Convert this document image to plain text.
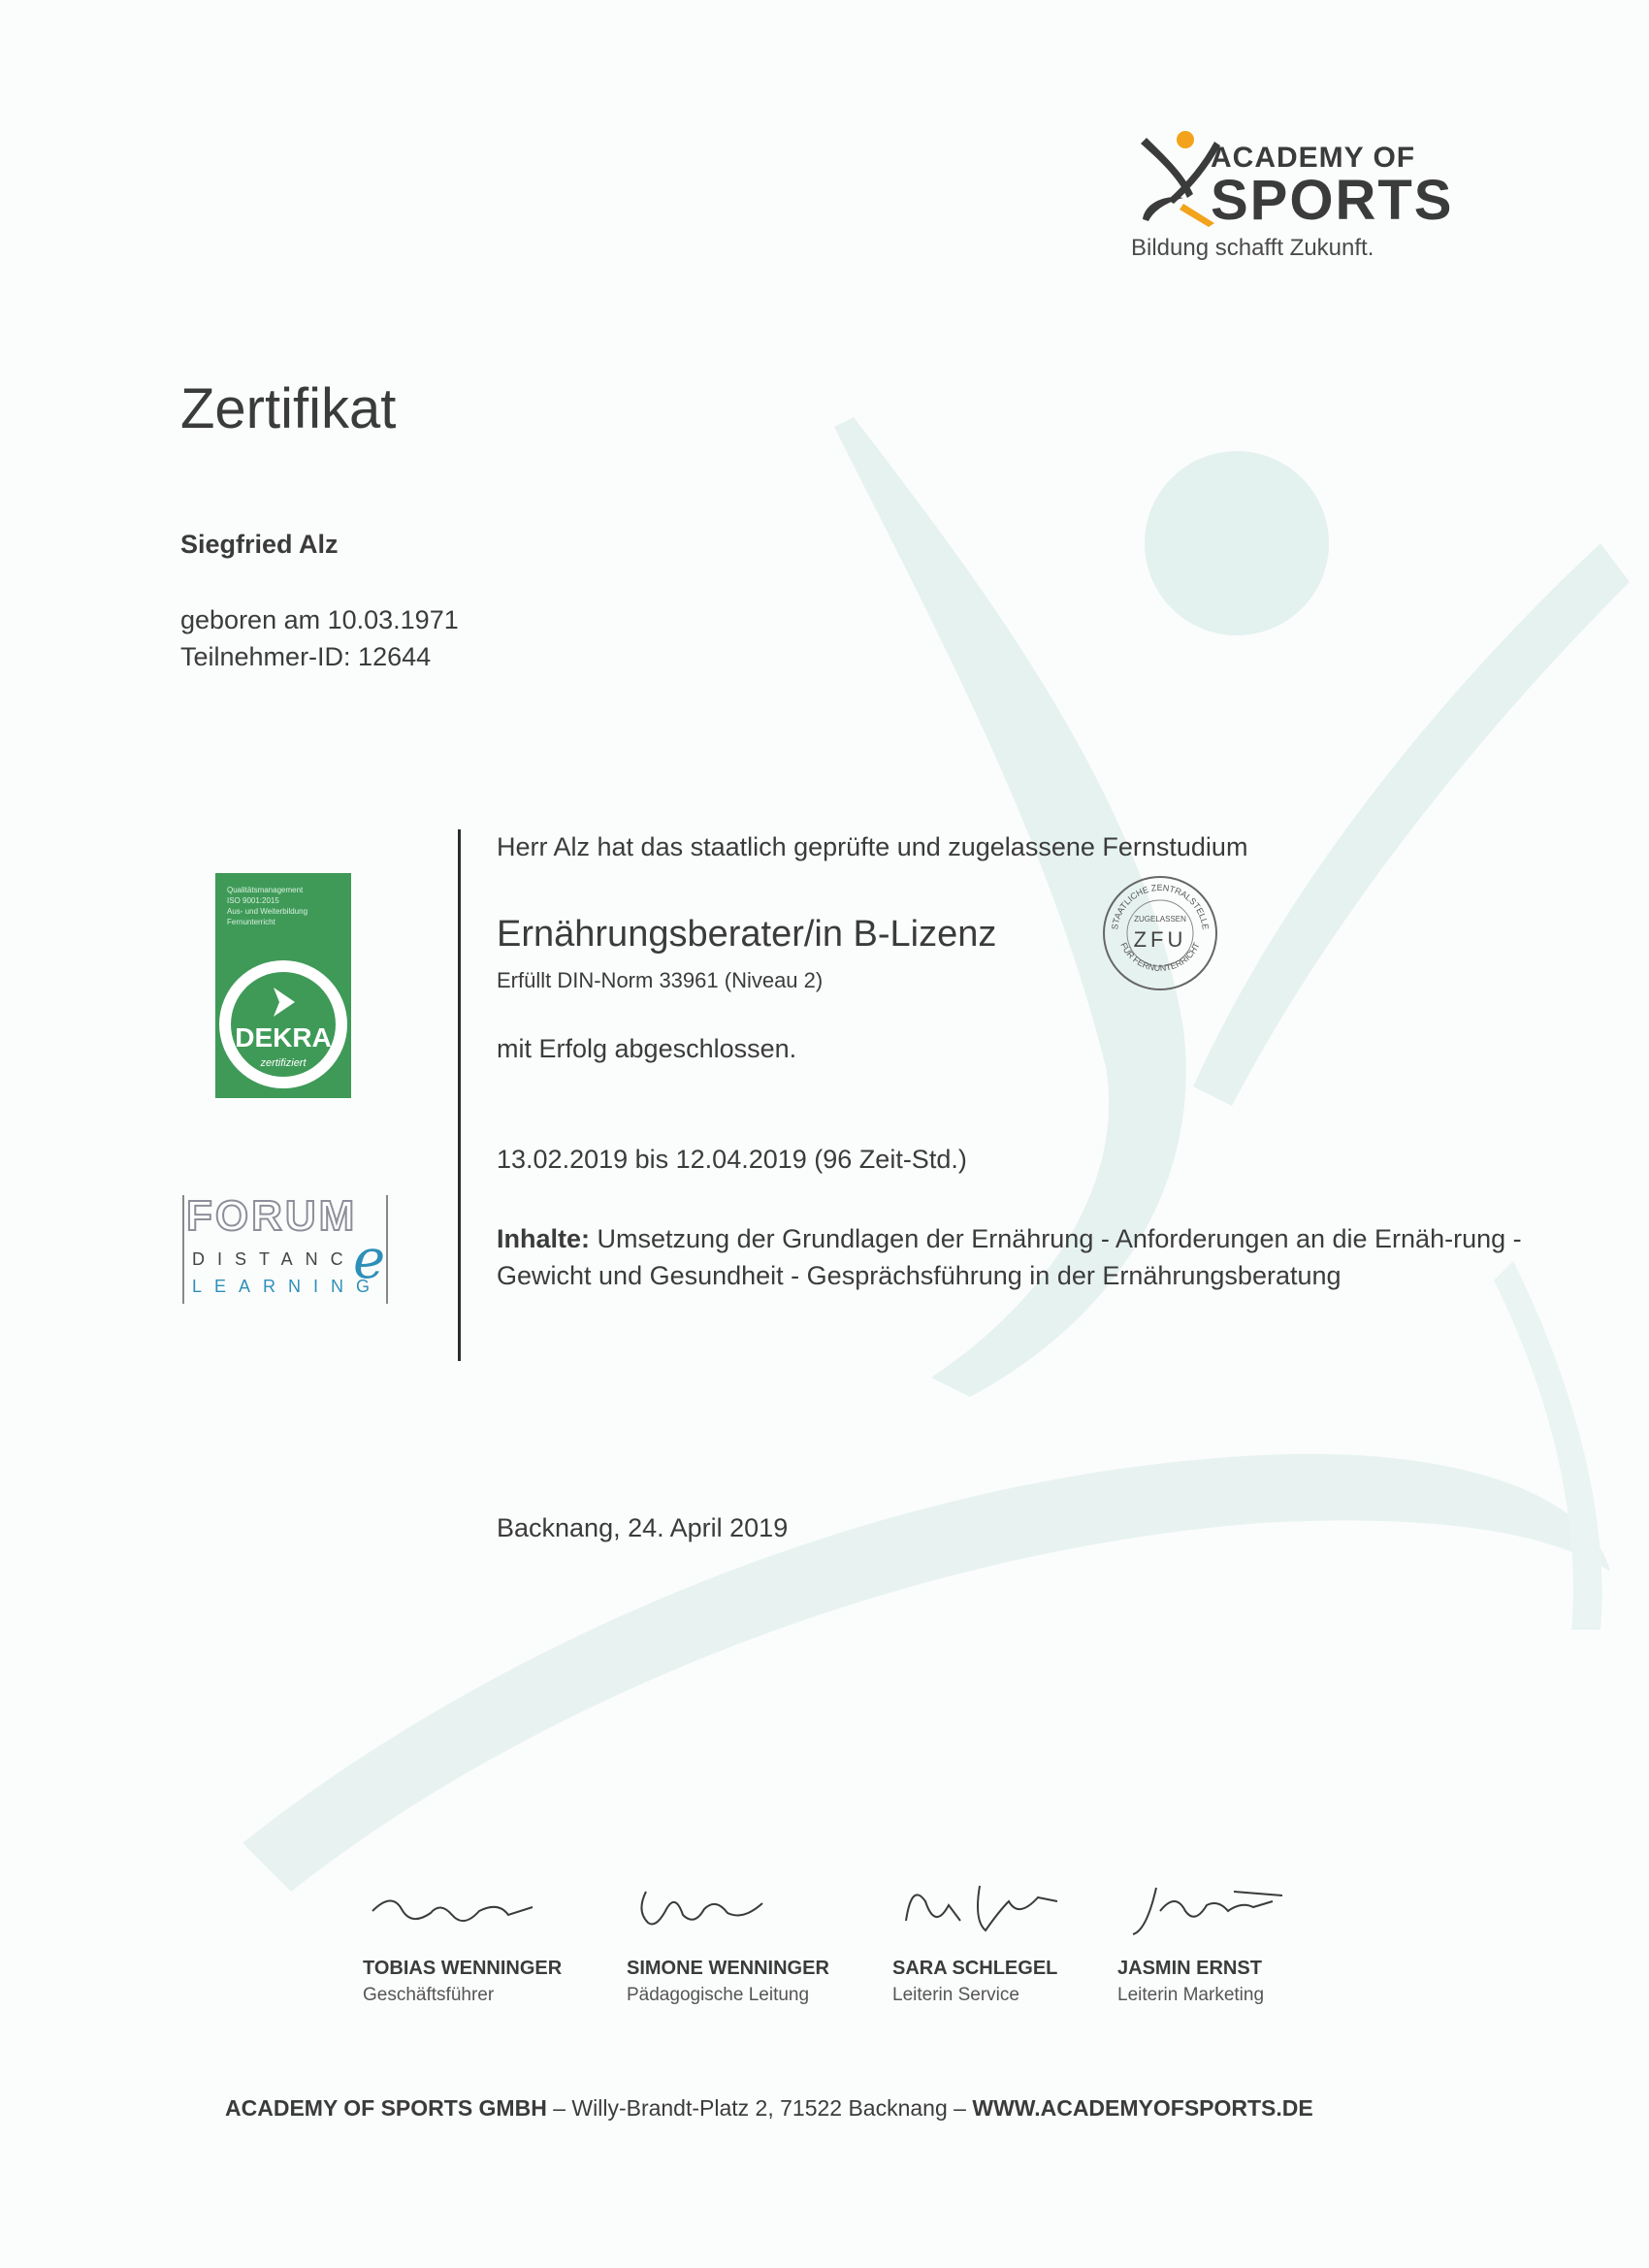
ACADEMY OF
SPORTS
Bildung schafft Zukunft.
Zertifikat
Siegfried Alz
geboren am 10.03.1971
Teilnehmer-ID: 12644
Qualitätsmanagement
ISO 9001:2015
Aus- und Weiterbildung
Fernunterricht
DEKRA
zertifiziert
FORUM
DISTANC
e
LEARNING
Herr Alz hat das staatlich geprüfte und zugelassene Fernstudium
Ernährungsberater/in B-Lizenz
Erfüllt DIN-Norm 33961 (Niveau 2)
STAATLICHE ZENTRALSTELLE
FÜR FERNUNTERRICHT
ZUGELASSEN
ZFU
mit Erfolg abgeschlossen.
13.02.2019 bis 12.04.2019 (96 Zeit-Std.)
Inhalte: Umsetzung der Grundlagen der Ernährung - Anforderungen an die Ernäh-rung - Gewicht und Gesundheit - Gesprächsführung in der Ernährungsberatung
Backnang, 24. April 2019
TOBIAS WENNINGER
Geschäftsführer
SIMONE WENNINGER
Pädagogische Leitung
SARA SCHLEGEL
Leiterin Service
JASMIN ERNST
Leiterin Marketing
ACADEMY OF SPORTS GMBH – Willy-Brandt-Platz 2, 71522 Backnang – WWW.ACADEMYOFSPORTS.DE
